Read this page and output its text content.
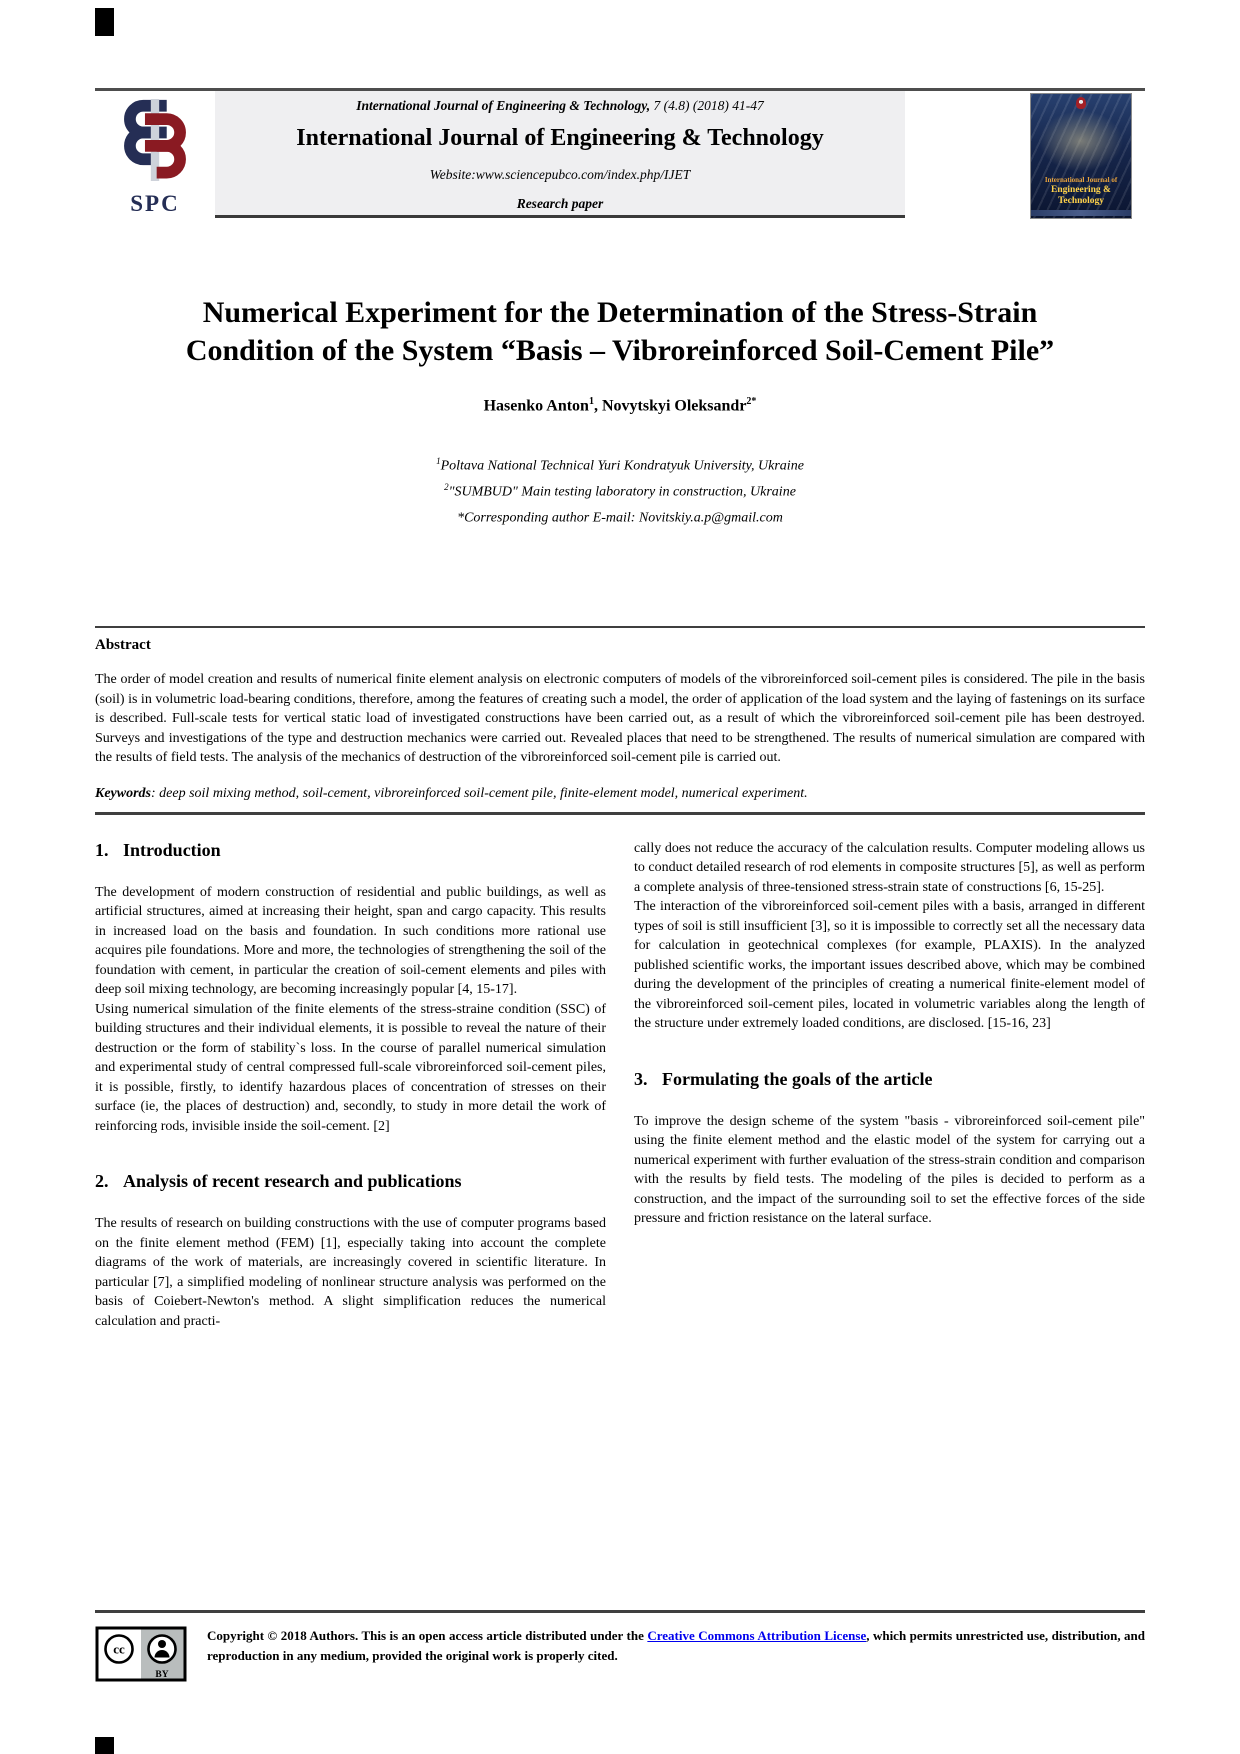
SPC
International Journal of Engineering & Technology, 7 (4.8) (2018) 41-47
International Journal of Engineering & Technology
Website:www.sciencepubco.com/index.php/IJET
Research paper
International Journal of
Engineering & Technology
Numerical Experiment for the Determination of the Stress-Strain Condition of the System “Basis – Vibroreinforced Soil-Cement Pile”
Hasenko Anton$^1$, Novytskyi Oleksandr$^{2*}$
$^1$Poltava National Technical Yuri Kondratyuk University, Ukraine
$^2$"SUMBUD" Main testing laboratory in construction, Ukraine
*Corresponding author E-mail: Novitskiy.a.p@gmail.com
Abstract

The order of model creation and results of numerical finite element analysis on electronic computers of models of the vibroreinforced soil-cement piles is considered. The pile in the basis (soil) is in volumetric load-bearing conditions, therefore, among the features of creating such a model, the order of application of the load system and the laying of fastenings on its surface is described. Full-scale tests for vertical static load of investigated constructions have been carried out, as a result of which the vibroreinforced soil-cement pile has been destroyed. Surveys and investigations of the type and destruction mechanics were carried out. Revealed places that need to be strengthened. The results of numerical simulation are compared with the results of field tests. The analysis of the mechanics of destruction of the vibroreinforced soil-cement pile is carried out.

Keywords: deep soil mixing method, soil-cement, vibroreinforced soil-cement pile, finite-element model, numerical experiment.
1. Introduction

The development of modern construction of residential and public buildings, as well as artificial structures, aimed at increasing their height, span and cargo capacity. This results in increased load on the basis and foundation. In such conditions more rational use acquires pile foundations. More and more, the technologies of strengthening the soil of the foundation with cement, in particular the creation of soil-cement elements and piles with deep soil mixing technology, are becoming increasingly popular [4, 15-17].

Using numerical simulation of the finite elements of the stress-straine condition (SSC) of building structures and their individual elements, it is possible to reveal the nature of their destruction or the form of stability`s loss. In the course of parallel numerical simulation and experimental study of central compressed full-scale vibroreinforced soil-cement piles, it is possible, firstly, to identify hazardous places of concentration of stresses on their surface (ie, the places of destruction) and, secondly, to study in more detail the work of reinforcing rods, invisible inside the soil-cement. [2]

2. Analysis of recent research and publications

The results of research on building constructions with the use of computer programs based on the finite element method (FEM) [1], especially taking into account the complete diagrams of the work of materials, are increasingly covered in scientific literature. In particular [7], a simplified modeling of nonlinear structure analysis was performed on the basis of Coiebert-Newton's method. A slight simplification reduces the numerical calculation and practi-

cally does not reduce the accuracy of the calculation results. Computer modeling allows us to conduct detailed research of rod elements in composite structures [5], as well as perform a complete analysis of three-tensioned stress-strain state of constructions [6, 15-25].

The interaction of the vibroreinforced soil-cement piles with a basis, arranged in different types of soil is still insufficient [3], so it is impossible to correctly set all the necessary data for calculation in geotechnical complexes (for example, PLAXIS). In the analyzed published scientific works, the important issues described above, which may be combined during the development of the principles of creating a numerical finite-element model of the vibroreinforced soil-cement piles, located in volumetric variables along the length of the structure under extremely loaded conditions, are disclosed. [15-16, 23]

3. Formulating the goals of the article

To improve the design scheme of the system "basis - vibroreinforced soil-cement pile" using the finite element method and the elastic model of the system for carrying out a numerical experiment with further evaluation of the stress-strain condition and comparison with the results by field tests. The modeling of the piles is decided to perform as a construction, and the impact of the surrounding soil to set the effective forces of the side pressure and friction resistance on the lateral surface.

cc
BY
Copyright © 2018 Authors. This is an open access article distributed under the Creative Commons Attribution License, which permits unrestricted use, distribution, and reproduction in any medium, provided the original work is properly cited.
